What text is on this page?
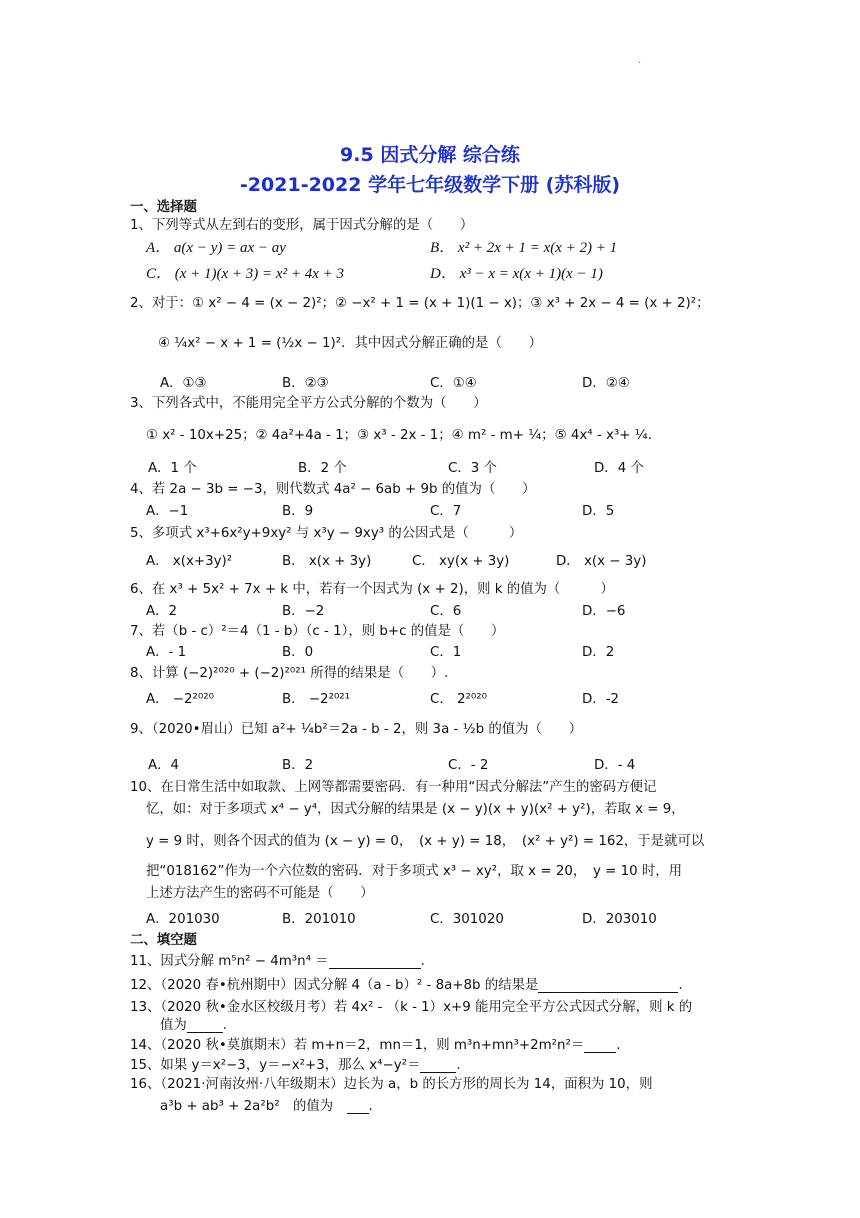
·
9.5 因式分解 综合练
-2021-2022 学年七年级数学下册 (苏科版)
一、选择题
1、下列等式从左到右的变形，属于因式分解的是（　　）
A． a(x − y) = ax − ay	B． x² + 2x + 1 = x(x + 2) + 1
C． (x + 1)(x + 3) = x² + 4x + 3	D． x³ − x = x(x + 1)(x − 1)
2、对于：① x² − 4 = (x − 2)²；② −x² + 1 = (x + 1)(1 − x)；③ x³ + 2x − 4 = (x + 2)²；
④ ¼x² − x + 1 = (½x − 1)²．其中因式分解正确的是（　　）
A．①③	B．②③	C．①④	D．②④
3、下列各式中，不能用完全平方公式分解的个数为（　　）
① x² - 10x+25；② 4a²+4a - 1；③ x³ - 2x - 1；④ m² - m+ ¼；⑤ 4x⁴ - x³+ ¼．
A．1 个	B．2 个	C．3 个	D．4 个
4、若 2a − 3b = −3，则代数式 4a² − 6ab + 9b 的值为（　　）
A．−1	B．9	C．7	D．5
5、多项式 x³+6x²y+9xy² 与 x³y − 9xy³ 的公因式是（　　　）
A． x(x+3y)²	B． x(x + 3y)	C． xy(x + 3y)	D． x(x − 3y)
6、在 x³ + 5x² + 7x + k 中，若有一个因式为 (x + 2)，则 k 的值为（　　　）
A．2	B．−2	C．6	D．−6
7、若（b - c）²＝4（1 - b）（c - 1），则 b+c 的值是（　　）
A．- 1	B．0	C．1	D．2
8、计算 (−2)²⁰²⁰ + (−2)²⁰²¹ 所得的结果是（　　）.
A． −2²⁰²⁰	B． −2²⁰²¹	C． 2²⁰²⁰	D．-2
9、（2020•眉山）已知 a²+ ¼b²＝2a - b - 2，则 3a - ½b 的值为（　　）
A．4	B．2	C．- 2	D．- 4
10、在日常生活中如取款、上网等都需要密码．有一种用“因式分解法”产生的密码方便记
忆，如：对于多项式 x⁴ − y⁴，因式分解的结果是 (x − y)(x + y)(x² + y²)，若取 x = 9，
y = 9 时，则各个因式的值为 (x − y) = 0，　(x + y) = 18，　(x² + y²) = 162，于是就可以
把“018162”作为一个六位数的密码．对于多项式 x³ − xy²，取 x = 20，　y = 10 时，用
上述方法产生的密码不可能是（　　）
A．201030	B．201010	C．301020	D．203010
二、填空题
11、因式分解 m⁵n² − 4m³n⁴ ＝	.
12、（2020 春•杭州期中）因式分解 4（a - b）² - 8a+8b 的结果是	.
13、（2020 秋•金水区校级月考）若 4x² - （k - 1）x+9 能用完全平方公式因式分解，则 k 的
值为	.
14、（2020 秋•莫旗期末）若 m+n＝2，mn＝1，则 m³n+mn³+2m²n²＝ .
15、如果 y＝x²−3，y＝−x²+3，那么 x⁴−y²＝	.
16、（2021·河南汝州·八年级期末）边长为 a，b 的长方形的周长为 14，面积为 10，则
a³b + ab³ + 2a²b²　的值为　	.
